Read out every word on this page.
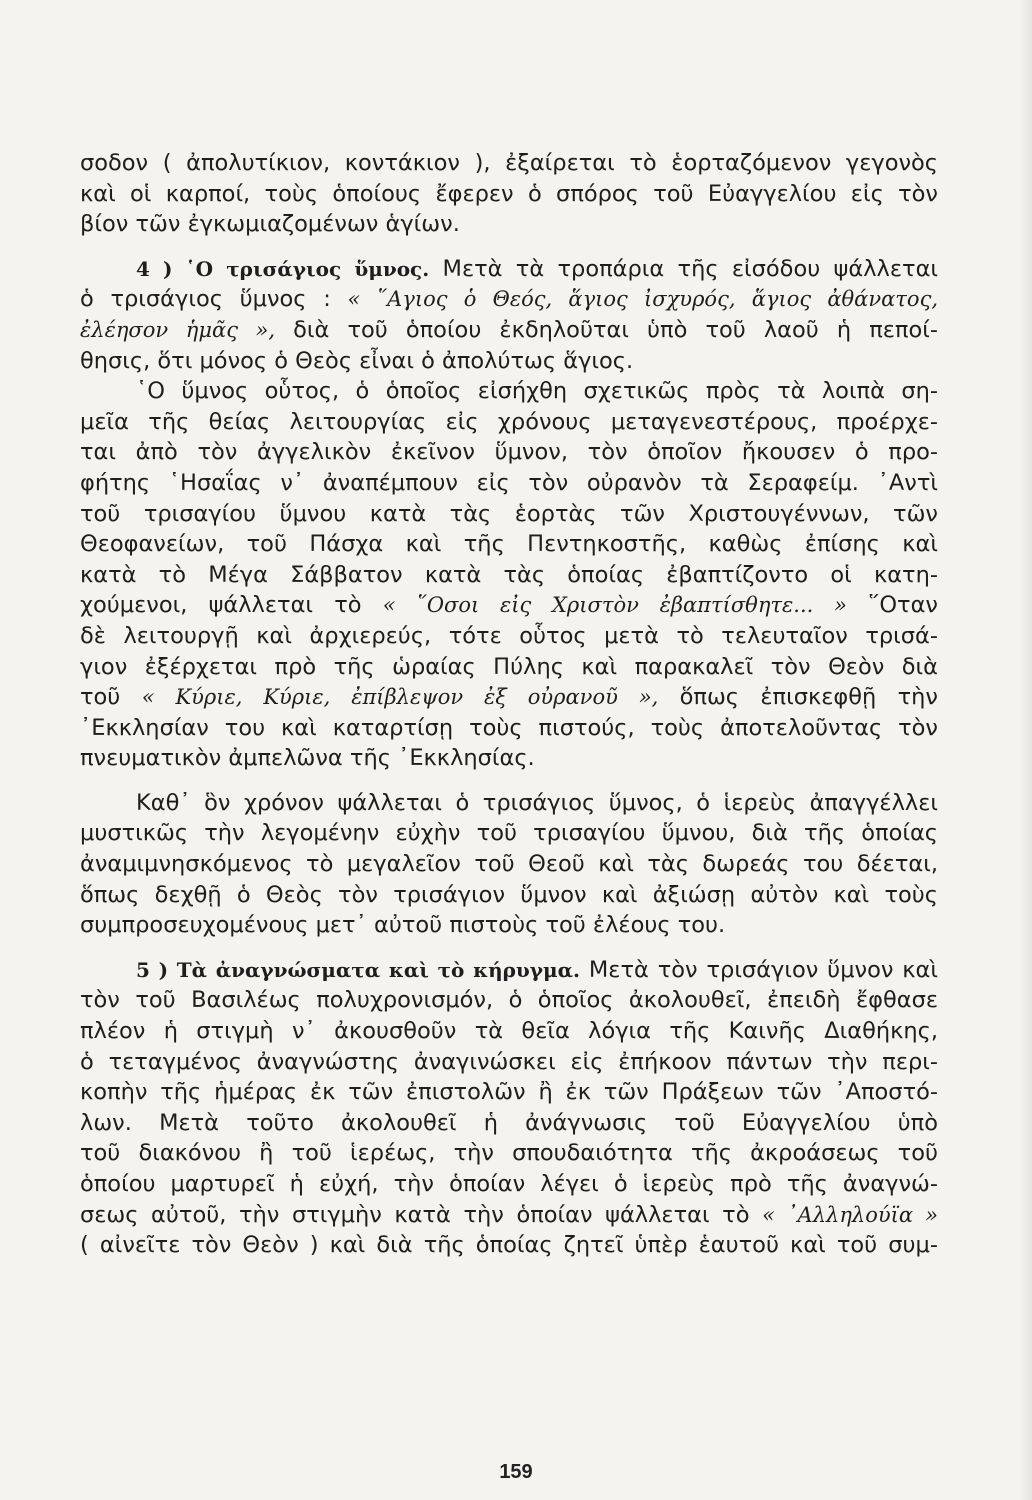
σοδον ( ἀπολυτίκιον, κοντάκιον ), ἐξαίρεται τὸ ἑορταζόμενον γεγονὸς
καὶ οἱ καρποί, τοὺς ὁποίους ἔφερεν ὁ σπόρος τοῦ Εὐαγγελίου εἰς τὸν
βίον τῶν ἐγκωμιαζομένων ἁγίων.
4 ) ῾Ο τρισάγιος ὕμνος. Μετὰ τὰ τροπάρια τῆς εἰσόδου ψάλλεται
ὁ τρισάγιος ὕμνος : « ῞Αγιος ὁ Θεός, ἅγιος ἰσχυρός, ἅγιος ἀθάνατος,
ἐλέησον ἡμᾶς », διὰ τοῦ ὁποίου ἐκδηλοῦται ὑπὸ τοῦ λαοῦ ἡ πεποί-
θησις, ὅτι μόνος ὁ Θεὸς εἶναι ὁ ἀπολύτως ἅγιος.
῾Ο ὕμνος οὗτος, ὁ ὁποῖος εἰσήχθη σχετικῶς πρὸς τὰ λοιπὰ ση-
μεῖα τῆς θείας λειτουργίας εἰς χρόνους μεταγενεστέρους, προέρχε-
ται ἀπὸ τὸν ἀγγελικὸν ἐκεῖνον ὕμνον, τὸν ὁποῖον ἤκουσεν ὁ προ-
φήτης ῾Ησαΐας ν᾽ ἀναπέμπουν εἰς τὸν οὐρανὸν τὰ Σεραφείμ. ᾽Αντὶ
τοῦ τρισαγίου ὕμνου κατὰ τὰς ἑορτὰς τῶν Χριστουγέννων, τῶν
Θεοφανείων, τοῦ Πάσχα καὶ τῆς Πεντηκοστῆς, καθὼς ἐπίσης καὶ
κατὰ τὸ Μέγα Σάββατον κατὰ τὰς ὁποίας ἐβαπτίζοντο οἱ κατη-
χούμενοι, ψάλλεται τὸ « ῞Οσοι εἰς Χριστὸν ἐβαπτίσθητε... » ῞Οταν
δὲ λειτουργῇ καὶ ἀρχιερεύς, τότε οὗτος μετὰ τὸ τελευταῖον τρισά-
γιον ἐξέρχεται πρὸ τῆς ὡραίας Πύλης καὶ παρακαλεῖ τὸν Θεὸν διὰ
τοῦ « Κύριε, Κύριε, ἐπίβλεψον ἐξ οὐρανοῦ », ὅπως ἐπισκεφθῇ τὴν
᾽Εκκλησίαν του καὶ καταρτίσῃ τοὺς πιστούς, τοὺς ἀποτελοῦντας τὸν
πνευματικὸν ἀμπελῶνα τῆς ᾽Εκκλησίας.
Καθ᾽ ὃν χρόνον ψάλλεται ὁ τρισάγιος ὕμνος, ὁ ἱερεὺς ἀπαγγέλλει
μυστικῶς τὴν λεγομένην εὐχὴν τοῦ τρισαγίου ὕμνου, διὰ τῆς ὁποίας
ἀναμιμνησκόμενος τὸ μεγαλεῖον τοῦ Θεοῦ καὶ τὰς δωρεάς του δέεται,
ὅπως δεχθῇ ὁ Θεὸς τὸν τρισάγιον ὕμνον καὶ ἀξιώσῃ αὐτὸν καὶ τοὺς
συμπροσευχομένους μετ᾽ αὐτοῦ πιστοὺς τοῦ ἐλέους του.
5 ) Τὰ ἀναγνώσματα καὶ τὸ κήρυγμα. Μετὰ τὸν τρισάγιον ὕμνον καὶ
τὸν τοῦ Βασιλέως πολυχρονισμόν, ὁ ὁποῖος ἀκολουθεῖ, ἐπειδὴ ἔφθασε
πλέον ἡ στιγμὴ ν᾽ ἀκουσθοῦν τὰ θεῖα λόγια τῆς Καινῆς Διαθήκης,
ὁ τεταγμένος ἀναγνώστης ἀναγινώσκει εἰς ἐπήκοον πάντων τὴν περι-
κοπὴν τῆς ἡμέρας ἐκ τῶν ἐπιστολῶν ἢ ἐκ τῶν Πράξεων τῶν ᾽Αποστό-
λων. Μετὰ τοῦτο ἀκολουθεῖ ἡ ἀνάγνωσις τοῦ Εὐαγγελίου ὑπὸ
τοῦ διακόνου ἢ τοῦ ἱερέως, τὴν σπουδαιότητα τῆς ἀκροάσεως τοῦ
ὁποίου μαρτυρεῖ ἡ εὐχή, τὴν ὁποίαν λέγει ὁ ἱερεὺς πρὸ τῆς ἀναγνώ-
σεως αὐτοῦ, τὴν στιγμὴν κατὰ τὴν ὁποίαν ψάλλεται τὸ « ᾽Αλληλούϊα »
( αἰνεῖτε τὸν Θεὸν ) καὶ διὰ τῆς ὁποίας ζητεῖ ὑπὲρ ἑαυτοῦ καὶ τοῦ συμ-
159
